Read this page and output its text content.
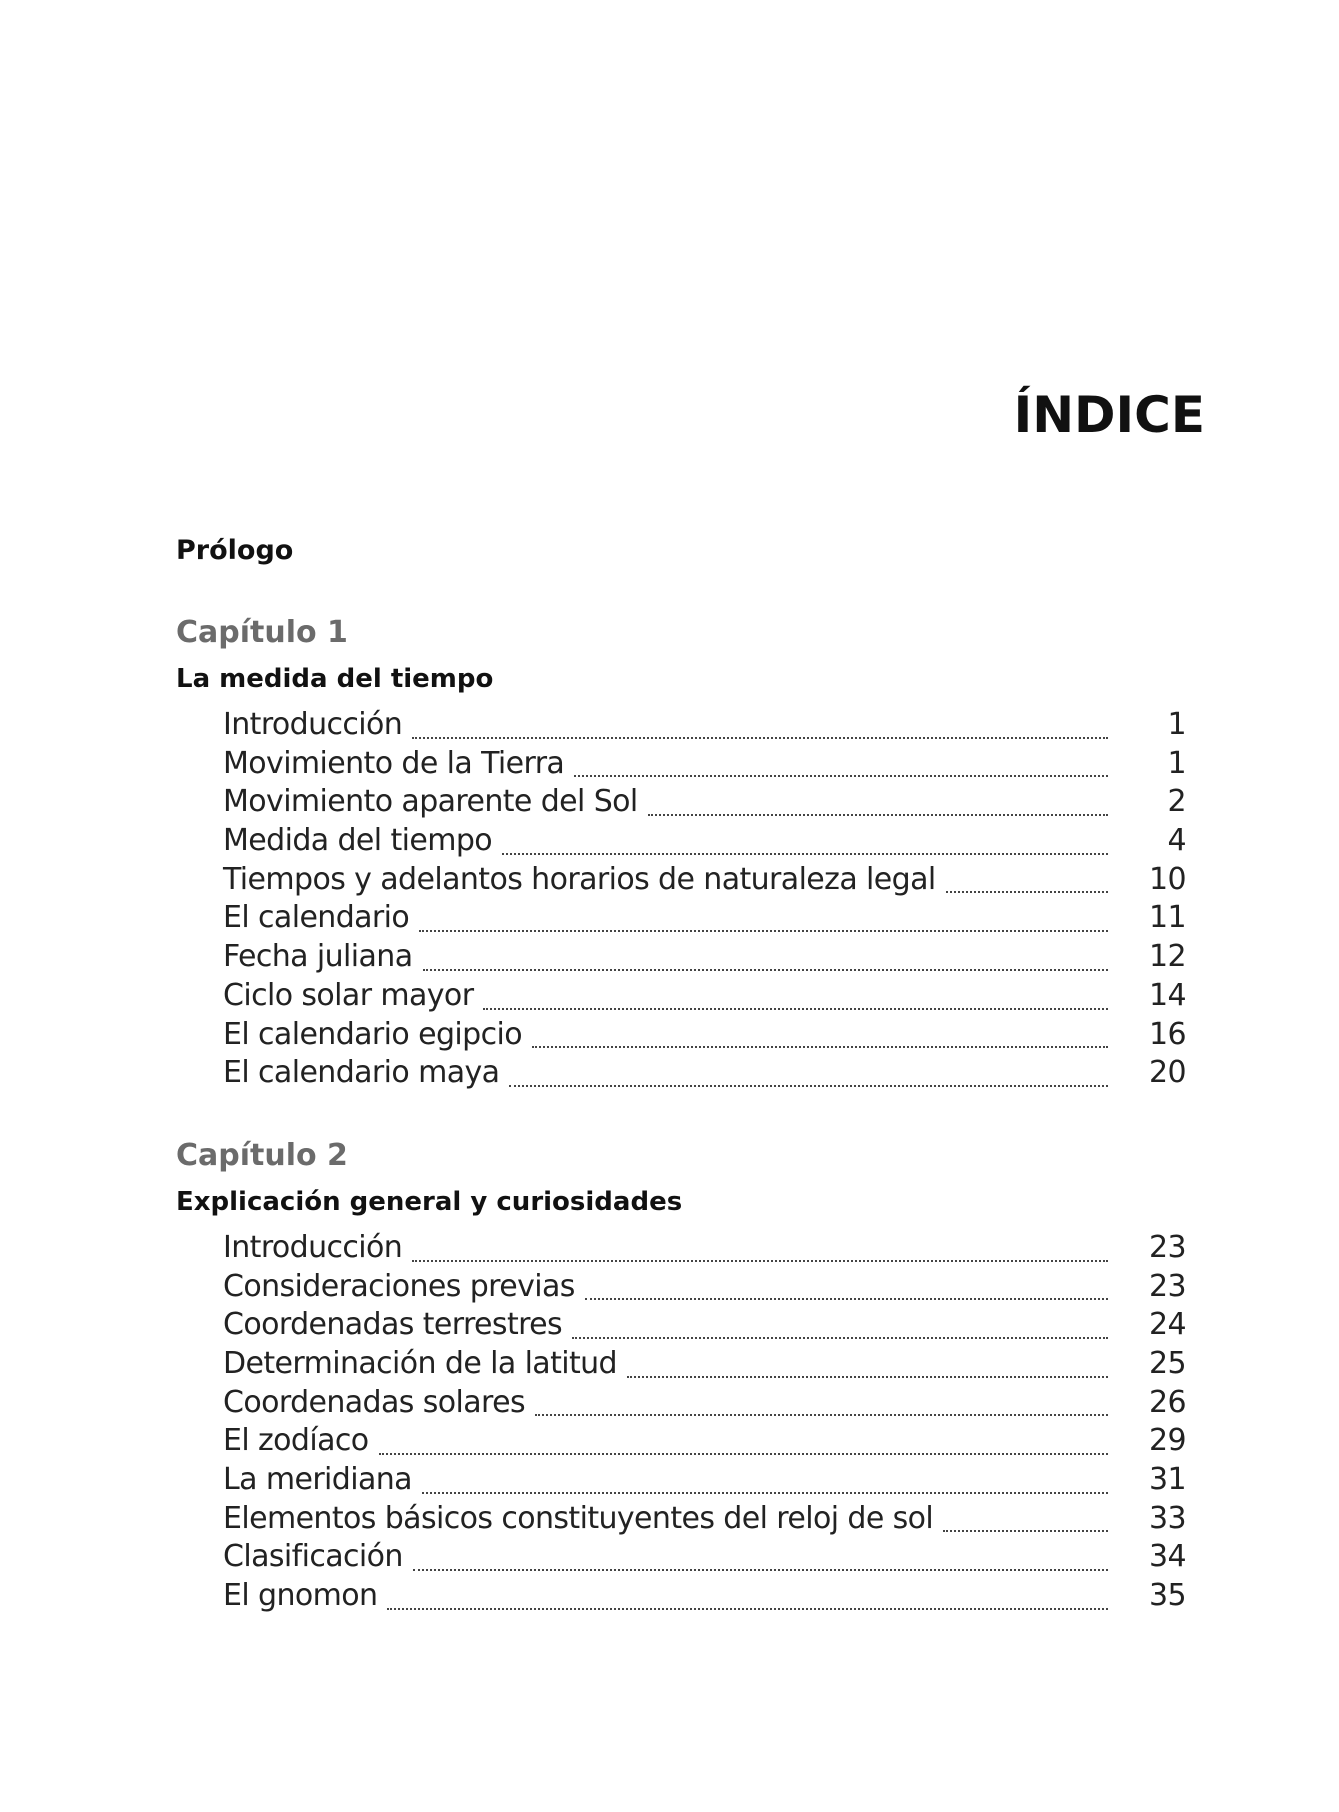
ÍNDICE
Prólogo
Capítulo 1
La medida del tiempo
Introducción	1
Movimiento de la Tierra	1
Movimiento aparente del Sol	2
Medida del tiempo	4
Tiempos y adelantos horarios de naturaleza legal	10
El calendario	11
Fecha juliana	12
Ciclo solar mayor	14
El calendario egipcio	16
El calendario maya	20
Capítulo 2
Explicación general y curiosidades
Introducción	23
Consideraciones previas	23
Coordenadas terrestres	24
Determinación de la latitud	25
Coordenadas solares	26
El zodíaco	29
La meridiana	31
Elementos básicos constituyentes del reloj de sol	33
Clasificación	34
El gnomon	35
